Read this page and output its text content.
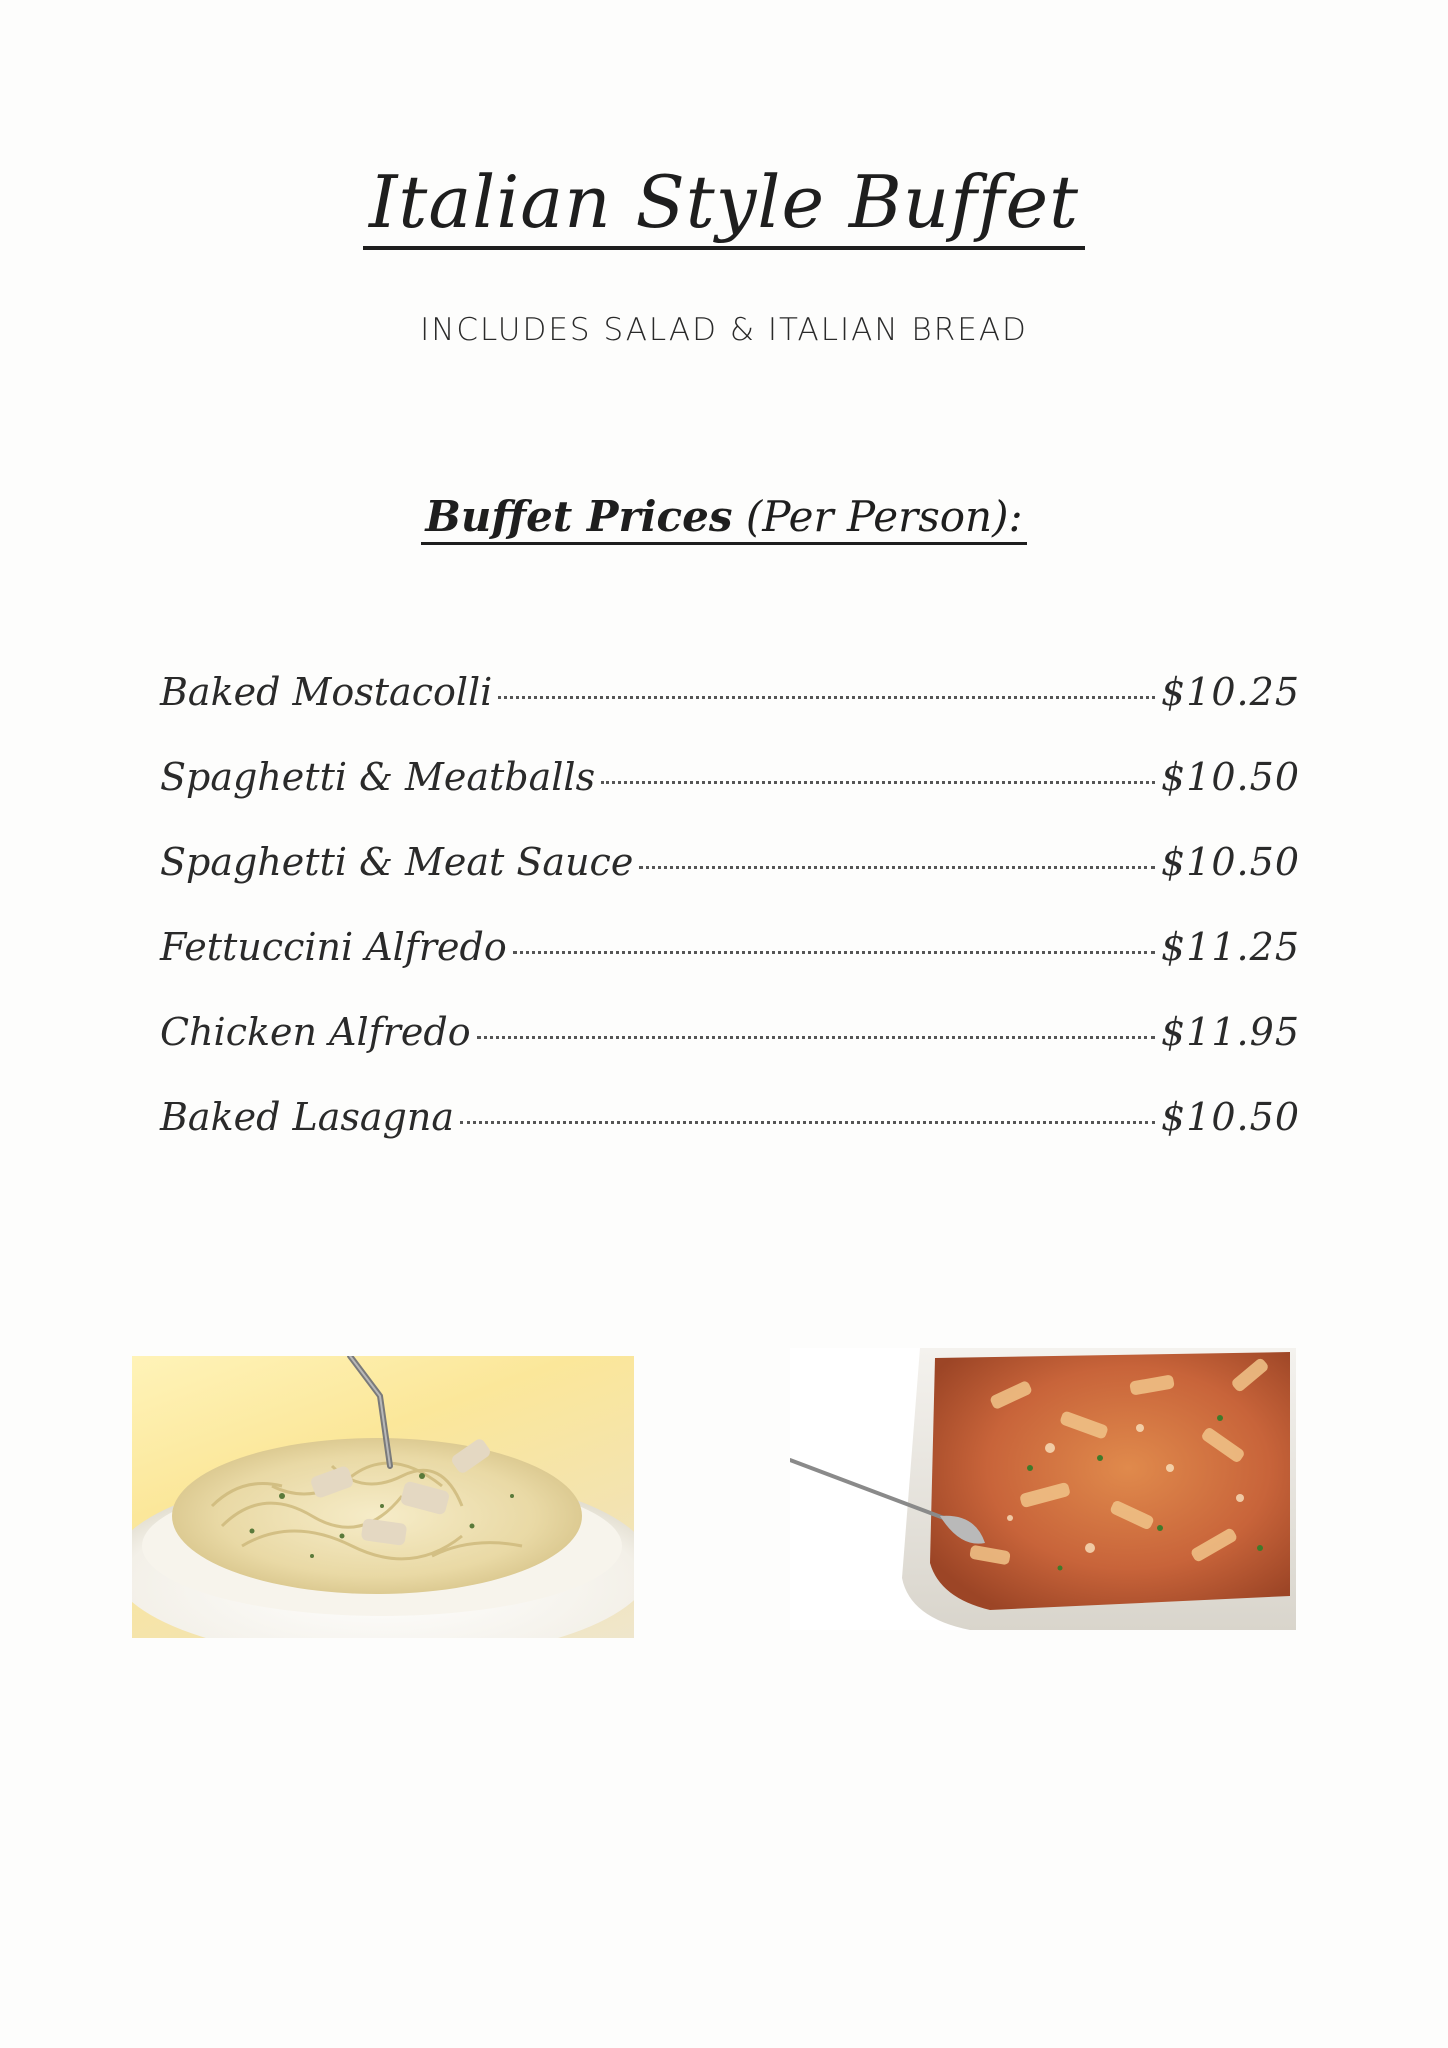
Italian Style Buffet
INCLUDES SALAD & ITALIAN BREAD
Buffet Prices (Per Person):
Baked Mostacolli	$10.25
Spaghetti & Meatballs	$10.50
Spaghetti & Meat Sauce	$10.50
Fettuccini Alfredo	$11.25
Chicken Alfredo	$11.95
Baked Lasagna	$10.50
